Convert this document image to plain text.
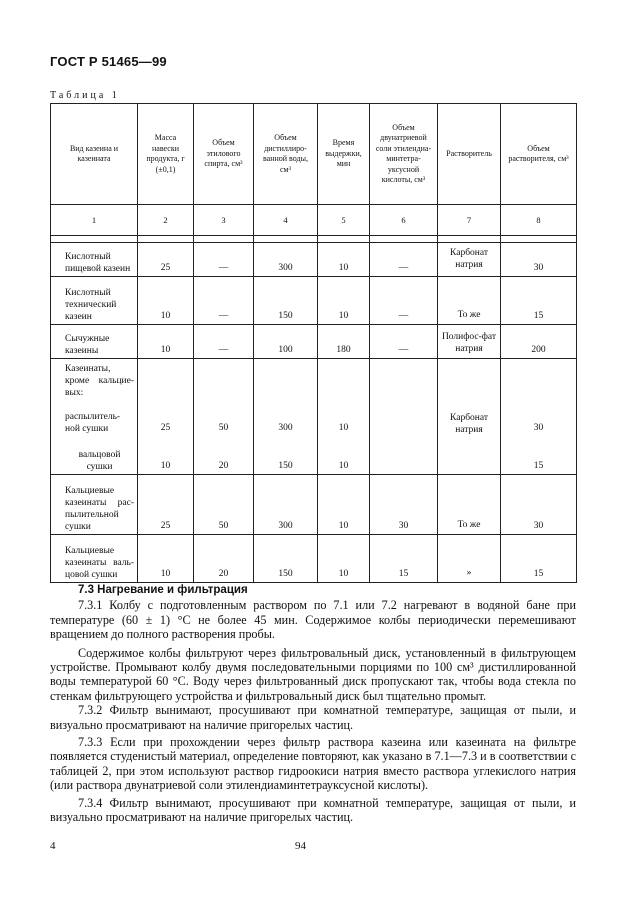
ГОСТ Р 51465—99
Таблица 1
Вид казеина и казеината	Масса навески продукта, г (±0,1)	Объем этилового спирта, см³	Объем дистиллиро-ванной воды, см³	Время выдержки, мин	Объем двунатриевой соли этилендиа-минтетра-уксусной кислоты, см³	Растворитель	Объем растворителя, см³
1	2	3	4	5	6	7	8

Кислотный пищевой казеин	25	—	300	10	—	Карбонат натрия	30
Кислотный технический казеин	10	—	150	10	—	То же	15
Сычужные казеины	10	—	100	180	—	Полифос-фат натрия	200
Казеинаты, кроме кальцие-вых:							
распылитель-ной сушки	25	50	300	10		Карбонат натрия	30
вальцовой сушки	10	20	150	10			15
Кальциевые казеинаты рас-пылительной сушки	25	50	300	10	30	То же	30
Кальциевые казеинаты валь-цовой сушки	10	20	150	10	15	»	15
7.3 Нагревание и фильтрация

7.3.1 Колбу с подготовленным раствором по 7.1 или 7.2 нагревают в водяной бане при температуре (60 ± 1) °С не более 45 мин. Содержимое колбы периодически перемешивают вращением до полного растворения пробы.

Содержимое колбы фильтруют через фильтровальный диск, установленный в фильтрующем устройстве. Промывают колбу двумя последовательными порциями по 100 см³ дистиллированной воды температурой 60 °С. Воду через фильтрованный диск пропускают так, чтобы вода стекла по стенкам фильтрующего устройства и фильтровальный диск был тщательно промыт.

7.3.2 Фильтр вынимают, просушивают при комнатной температуре, защищая от пыли, и визуально просматривают на наличие пригорелых частиц.

7.3.3 Если при прохождении через фильтр раствора казеина или казеината на фильтре появляется студенистый материал, определение повторяют, как указано в 7.1—7.3 и в соответствии с таблицей 2, при этом используют раствор гидроокиси натрия вместо раствора углекислого натрия (или раствора двунатриевой соли этилендиаминтетрауксусной кислоты).

7.3.4 Фильтр вынимают, просушивают при комнатной температуре, защищая от пыли, и визуально просматривают на наличие пригорелых частиц.

4	94
